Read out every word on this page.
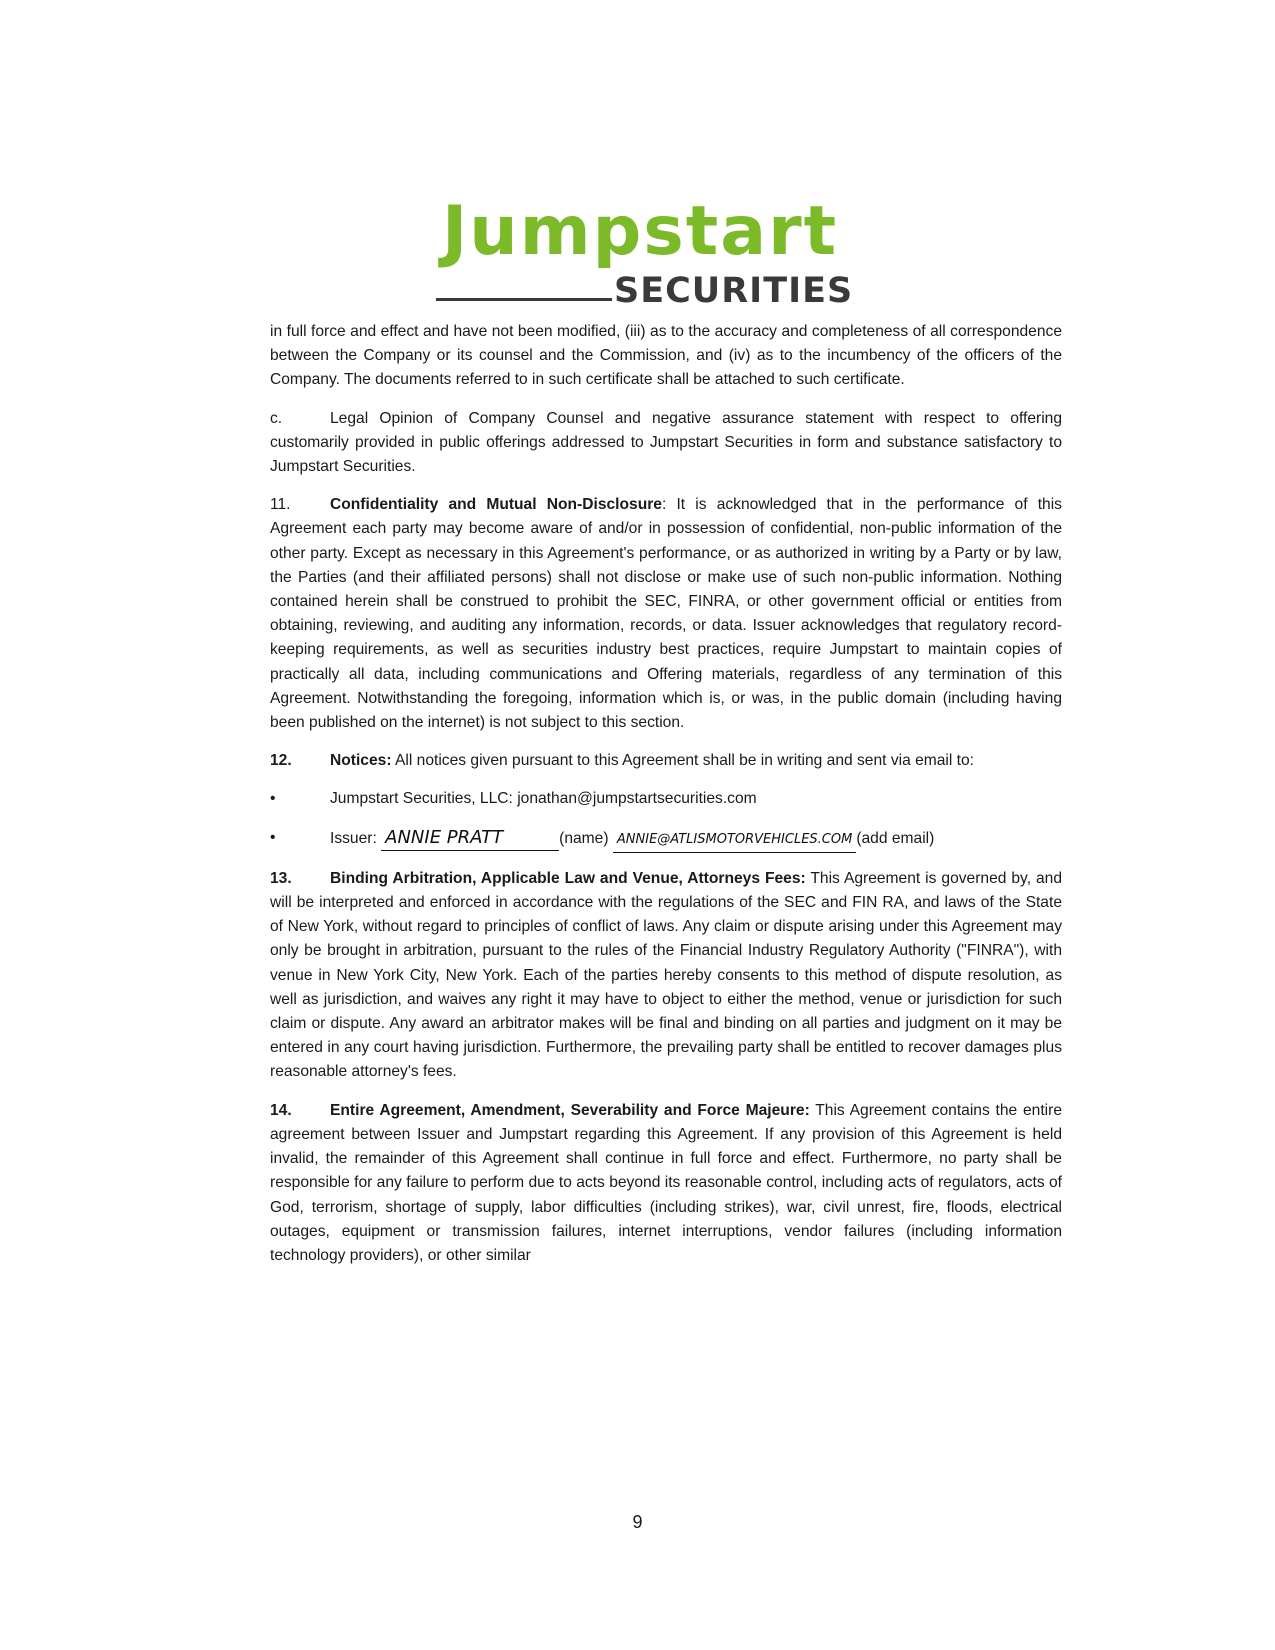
Jumpstart
SECURITIES

in full force and effect and have not been modified, (iii) as to the accuracy and completeness of all correspondence between the Company or its counsel and the Commission, and (iv) as to the incumbency of the officers of the Company. The documents referred to in such certificate shall be attached to such certificate.

c.	Legal Opinion of Company Counsel and negative assurance statement with respect to offering customarily provided in public offerings addressed to Jumpstart Securities in form and substance satisfactory to Jumpstart Securities.

11.	Confidentiality and Mutual Non-Disclosure: It is acknowledged that in the performance of this Agreement each party may become aware of and/or in possession of confidential, non-public information of the other party. Except as necessary in this Agreement's performance, or as authorized in writing by a Party or by law, the Parties (and their affiliated persons) shall not disclose or make use of such non-public information. Nothing contained herein shall be construed to prohibit the SEC, FINRA, or other government official or entities from obtaining, reviewing, and auditing any information, records, or data. Issuer acknowledges that regulatory record-keeping requirements, as well as securities industry best practices, require Jumpstart to maintain copies of practically all data, including communications and Offering materials, regardless of any termination of this Agreement. Notwithstanding the foregoing, information which is, or was, in the public domain (including having been published on the internet) is not subject to this section.

12. Notices: All notices given pursuant to this Agreement shall be in writing and sent via email to:

•	Jumpstart Securities, LLC: jonathan@jumpstartsecurities.com
•	Issuer: ANNIE PRATT	(name) ANNIE@ATLISMOTORVEHICLES.COM (add email)

13. Binding Arbitration, Applicable Law and Venue, Attorneys Fees: This Agreement is governed by, and will be interpreted and enforced in accordance with the regulations of the SEC and FIN RA, and laws of the State of New York, without regard to principles of conflict of laws. Any claim or dispute arising under this Agreement may only be brought in arbitration, pursuant to the rules of the Financial Industry Regulatory Authority ("FINRA"), with venue in New York City, New York. Each of the parties hereby consents to this method of dispute resolution, as well as jurisdiction, and waives any right it may have to object to either the method, venue or jurisdiction for such claim or dispute. Any award an arbitrator makes will be final and binding on all parties and judgment on it may be entered in any court having jurisdiction. Furthermore, the prevailing party shall be entitled to recover damages plus reasonable attorney's fees.

14. Entire Agreement, Amendment, Severability and Force Majeure: This Agreement contains the entire agreement between Issuer and Jumpstart regarding this Agreement. If any provision of this Agreement is held invalid, the remainder of this Agreement shall continue in full force and effect. Furthermore, no party shall be responsible for any failure to perform due to acts beyond its reasonable control, including acts of regulators, acts of God, terrorism, shortage of supply, labor difficulties (including strikes), war, civil unrest, fire, floods, electrical outages, equipment or transmission failures, internet interruptions, vendor failures (including information technology providers), or other similar

9
